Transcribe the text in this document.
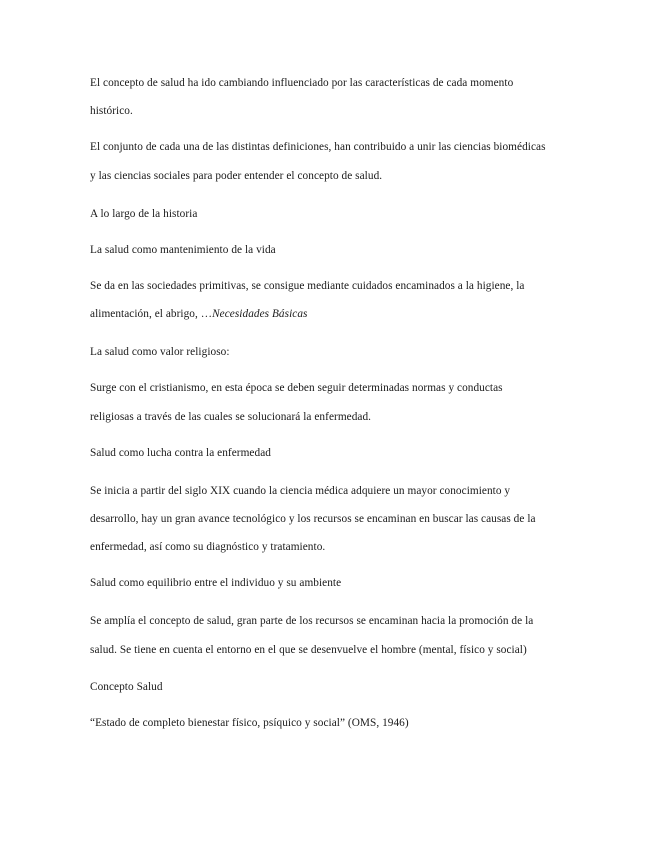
El concepto de salud ha ido cambiando influenciado por las características de cada momento

histórico.

El conjunto de cada una de las distintas definiciones, han contribuido a unir las ciencias biomédicas

y las ciencias sociales para poder entender el concepto de salud.

A lo largo de la historia

La salud como mantenimiento de la vida

Se da en las sociedades primitivas, se consigue mediante cuidados encaminados a la higiene, la

alimentación, el abrigo, …Necesidades Básicas

La salud como valor religioso:

Surge con el cristianismo, en esta época se deben seguir determinadas normas y conductas

religiosas a través de las cuales se solucionará la enfermedad.

Salud como lucha contra la enfermedad

Se inicia a partir del siglo XIX cuando la ciencia médica adquiere un mayor conocimiento y

desarrollo, hay un gran avance tecnológico y los recursos se encaminan en buscar las causas de la

enfermedad, así como su diagnóstico y tratamiento.

Salud como equilibrio entre el individuo y su ambiente

Se amplía el concepto de salud, gran parte de los recursos se encaminan hacia la promoción de la

salud. Se tiene en cuenta el entorno en el que se desenvuelve el hombre (mental, físico y social)

Concepto Salud

“Estado de completo bienestar físico, psíquico y social” (OMS, 1946)
